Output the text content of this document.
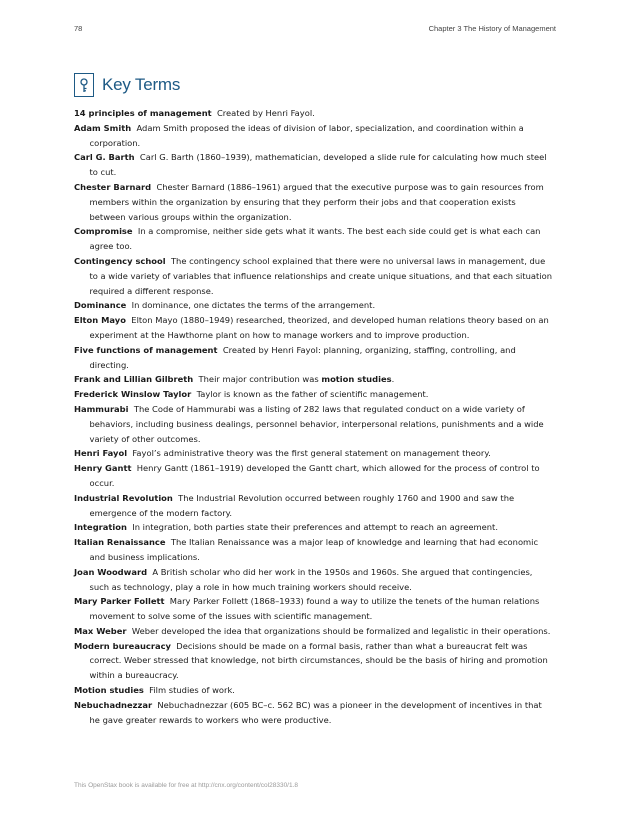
78	Chapter 3 The History of Management
Key Terms

14 principles of management Created by Henri Fayol.

Adam Smith Adam Smith proposed the ideas of division of labor, specialization, and coordination within a corporation.

Carl G. Barth Carl G. Barth (1860–1939), mathematician, developed a slide rule for calculating how much steel to cut.

Chester Barnard Chester Barnard (1886–1961) argued that the executive purpose was to gain resources from members within the organization by ensuring that they perform their jobs and that cooperation exists between various groups within the organization.

Compromise In a compromise, neither side gets what it wants. The best each side could get is what each can agree too.

Contingency school The contingency school explained that there were no universal laws in management, due to a wide variety of variables that influence relationships and create unique situations, and that each situation required a different response.

Dominance In dominance, one dictates the terms of the arrangement.

Elton Mayo Elton Mayo (1880–1949) researched, theorized, and developed human relations theory based on an experiment at the Hawthorne plant on how to manage workers and to improve production.

Five functions of management Created by Henri Fayol: planning, organizing, staffing, controlling, and directing.

Frank and Lillian Gilbreth Their major contribution was motion studies.

Frederick Winslow Taylor Taylor is known as the father of scientific management.

Hammurabi The Code of Hammurabi was a listing of 282 laws that regulated conduct on a wide variety of behaviors, including business dealings, personnel behavior, interpersonal relations, punishments and a wide variety of other outcomes.

Henri Fayol Fayol’s administrative theory was the first general statement on management theory.

Henry Gantt Henry Gantt (1861–1919) developed the Gantt chart, which allowed for the process of control to occur.

Industrial Revolution The Industrial Revolution occurred between roughly 1760 and 1900 and saw the emergence of the modern factory.

Integration In integration, both parties state their preferences and attempt to reach an agreement.

Italian Renaissance The Italian Renaissance was a major leap of knowledge and learning that had economic and business implications.

Joan Woodward A British scholar who did her work in the 1950s and 1960s. She argued that contingencies, such as technology, play a role in how much training workers should receive.

Mary Parker Follett Mary Parker Follett (1868–1933) found a way to utilize the tenets of the human relations movement to solve some of the issues with scientific management.

Max Weber Weber developed the idea that organizations should be formalized and legalistic in their operations.

Modern bureaucracy Decisions should be made on a formal basis, rather than what a bureaucrat felt was correct. Weber stressed that knowledge, not birth circumstances, should be the basis of hiring and promotion within a bureaucracy.

Motion studies Film studies of work.

Nebuchadnezzar Nebuchadnezzar (605 BC–c. 562 BC) was a pioneer in the development of incentives in that he gave greater rewards to workers who were productive.

This OpenStax book is available for free at http://cnx.org/content/col28330/1.8
